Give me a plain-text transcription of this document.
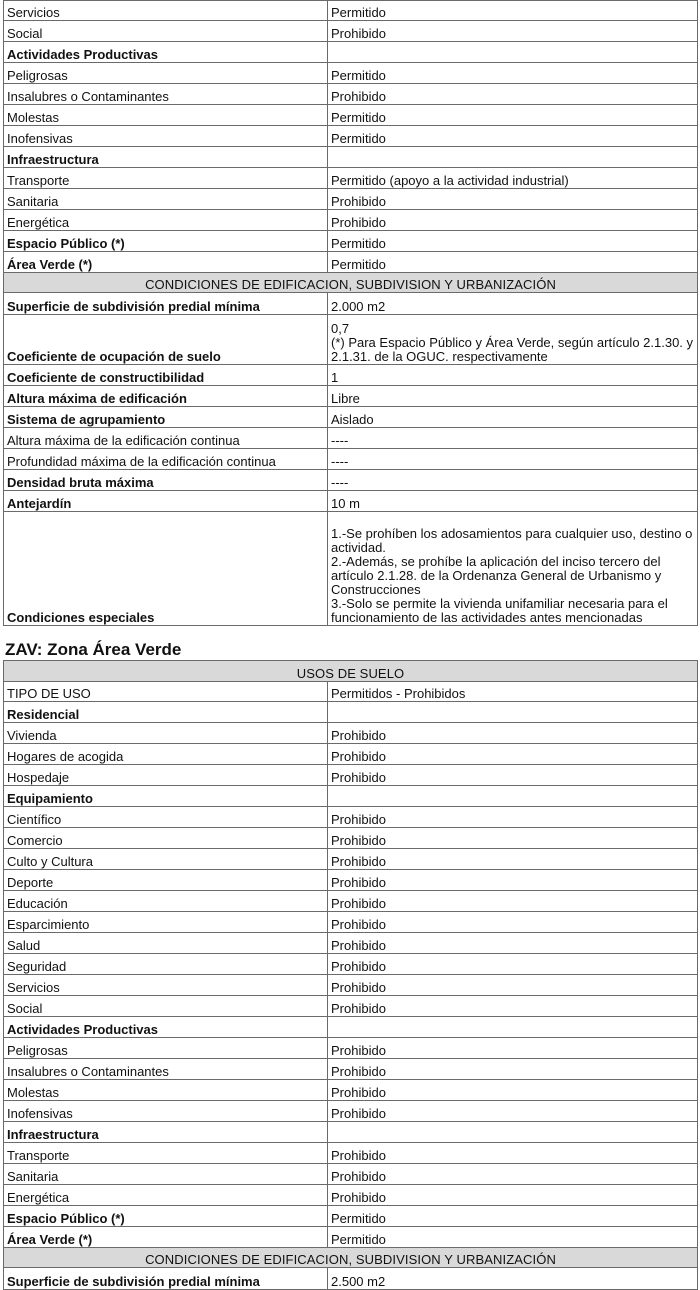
Servicios	Permitido
Social	Prohibido
Actividades Productivas	
Peligrosas	Permitido
Insalubres o Contaminantes	Prohibido
Molestas	Permitido
Inofensivas	Permitido
Infraestructura	
Transporte	Permitido (apoyo a la actividad industrial)
Sanitaria	Prohibido
Energética	Prohibido
Espacio Público (*)	Permitido
Área Verde (*)	Permitido
CONDICIONES DE EDIFICACION, SUBDIVISION Y URBANIZACIÓN	
Superficie de subdivisión predial mínima	2.000 m2
Coeficiente de ocupación de suelo	0,7
(*) Para Espacio Público y Área Verde, según artículo 2.1.30. y 2.1.31. de la OGUC. respectivamente
Coeficiente de constructibilidad	1
Altura máxima de edificación	Libre
Sistema de agrupamiento	Aislado
Altura máxima de la edificación continua	----
Profundidad máxima de la edificación continua	----
Densidad bruta máxima	----
Antejardín	10 m
Condiciones especiales	1.-Se prohíben los adosamientos para cualquier uso, destino o actividad.
2.-Además, se prohíbe la aplicación del inciso tercero del artículo 2.1.28. de la Ordenanza General de Urbanismo y Construcciones
3.-Solo se permite la vivienda unifamiliar necesaria para el funcionamiento de las actividades antes mencionadas
ZAV: Zona Área Verde
USOS DE SUELO	
TIPO DE USO	Permitidos - Prohibidos
Residencial	
Vivienda	Prohibido
Hogares de acogida	Prohibido
Hospedaje	Prohibido
Equipamiento	
Científico	Prohibido
Comercio	Prohibido
Culto y Cultura	Prohibido
Deporte	Prohibido
Educación	Prohibido
Esparcimiento	Prohibido
Salud	Prohibido
Seguridad	Prohibido
Servicios	Prohibido
Social	Prohibido
Actividades Productivas	
Peligrosas	Prohibido
Insalubres o Contaminantes	Prohibido
Molestas	Prohibido
Inofensivas	Prohibido
Infraestructura	
Transporte	Prohibido
Sanitaria	Prohibido
Energética	Prohibido
Espacio Público (*)	Permitido
Área Verde (*)	Permitido
CONDICIONES DE EDIFICACION, SUBDIVISION Y URBANIZACIÓN	
Superficie de subdivisión predial mínima	2.500 m2
